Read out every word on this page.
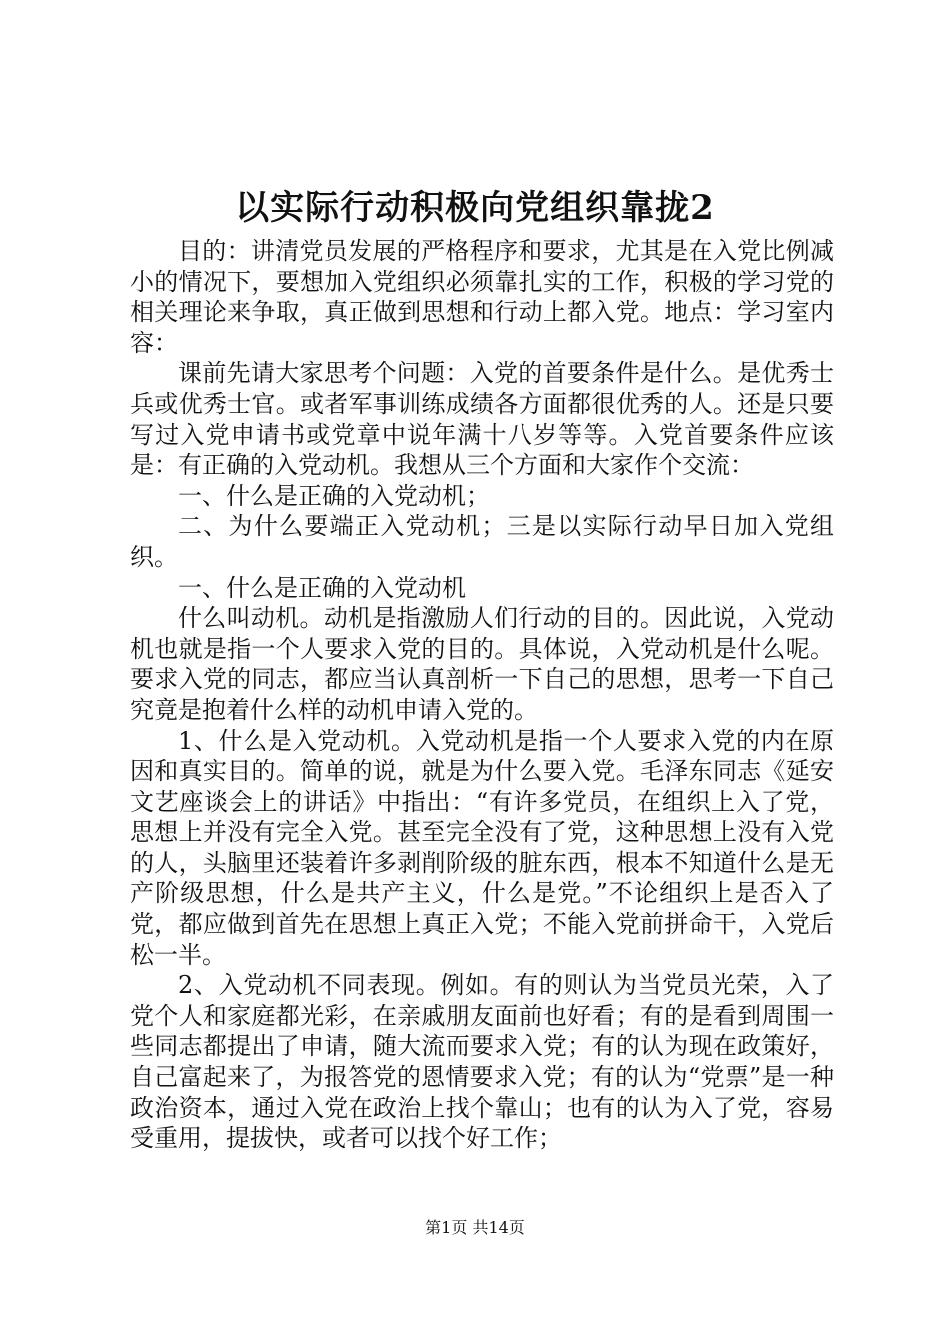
以实际行动积极向党组织靠拢2

目的：讲清党员发展的严格程序和要求，尤其是在入党比例减小的情况下，要想加入党组织必须靠扎实的工作，积极的学习党的相关理论来争取，真正做到思想和行动上都入党。地点：学习室内容：

课前先请大家思考个问题：入党的首要条件是什么。是优秀士兵或优秀士官。或者军事训练成绩各方面都很优秀的人。还是只要写过入党申请书或党章中说年满十八岁等等。入党首要条件应该是：有正确的入党动机。我想从三个方面和大家作个交流：

一、什么是正确的入党动机；

二、为什么要端正入党动机；三是以实际行动早日加入党组织。

一、什么是正确的入党动机

什么叫动机。动机是指激励人们行动的目的。因此说，入党动机也就是指一个人要求入党的目的。具体说，入党动机是什么呢。要求入党的同志，都应当认真剖析一下自己的思想，思考一下自己究竟是抱着什么样的动机申请入党的。

1、什么是入党动机。入党动机是指一个人要求入党的内在原因和真实目的。简单的说，就是为什么要入党。毛泽东同志《延安文艺座谈会上的讲话》中指出：“有许多党员，在组织上入了党，思想上并没有完全入党。甚至完全没有了党，这种思想上没有入党的人，头脑里还装着许多剥削阶级的脏东西，根本不知道什么是无产阶级思想，什么是共产主义，什么是党。”不论组织上是否入了党，都应做到首先在思想上真正入党；不能入党前拼命干，入党后松一半。

2、入党动机不同表现。例如。有的则认为当党员光荣，入了党个人和家庭都光彩，在亲戚朋友面前也好看；有的是看到周围一些同志都提出了申请，随大流而要求入党；有的认为现在政策好，自己富起来了，为报答党的恩情要求入党；有的认为“党票”是一种政治资本，通过入党在政治上找个靠山；也有的认为入了党，容易受重用，提拔快，或者可以找个好工作；

第1页 共14页
